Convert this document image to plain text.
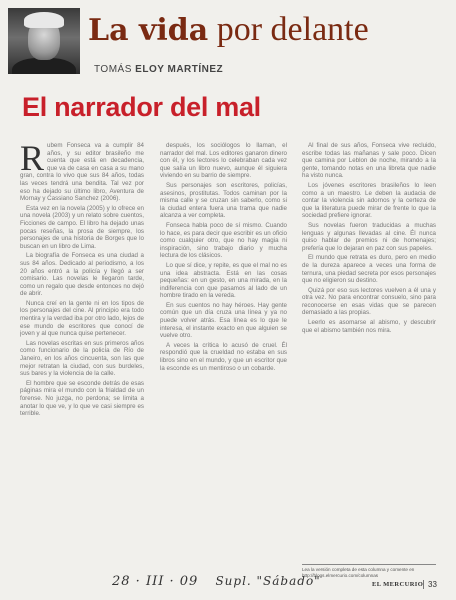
La vida por delante
TOMÁS ELOY MARTÍNEZ
El narrador del mal
R ubem Fonseca va a cumplir 84 años, y su editor brasileño me cuenta que está en decadencia, que va de casa en casa a su mano gran, contra lo vivo que sus 84 años, todas las veces tendrá una bendita. Tal vez por eso ha dejado su último libro, Aventura de Mornay y Cassiano Sanchez (2006).

Esta vez en la novela (2005) y lo ofrece en una novela (2003) y un relato sobre cuentos, Ficciones de campo. El libro ha dejado unas pocas reseñas, la prosa de siempre, los personajes de una historia de Borges que lo buscan en un libro de Lima.

La biografía de Fonseca es una ciudad a sus 84 años. Dedicado al periodismo, a los 20 años entró a la policía y llegó a ser comisario. Las novelas le llegaron tarde, como un regalo que desde entonces no dejó de abrir.

Nunca creí en la gente ni en los tipos de los personajes del cine. Al principio era todo mentira y la verdad iba por otro lado, lejos de ese mundo de escritores que conocí de joven y al que nunca quise pertenecer.

Las novelas escritas en sus primeros años como funcionario de la policía de Río de Janeiro, en los años cincuenta, son las que mejor retratan la ciudad, con sus burdeles, sus bares y la violencia de la calle.

El hombre que se esconde detrás de esas páginas mira el mundo con la frialdad de un forense. No juzga, no perdona; se limita a anotar lo que ve, y lo que ve casi siempre es terrible.

después, los sociólogos lo llaman, el narrador del mal. Los editores ganaron dinero con él, y los lectores lo celebraban cada vez que salía un libro nuevo, aunque él siguiera viviendo en su barrio de siempre.

Sus personajes son escritores, policías, asesinos, prostitutas. Todos caminan por la misma calle y se cruzan sin saberlo, como si la ciudad entera fuera una trama que nadie alcanza a ver completa.

Fonseca habla poco de sí mismo. Cuando lo hace, es para decir que escribir es un oficio como cualquier otro, que no hay magia ni inspiración, sino trabajo diario y mucha lectura de los clásicos.

Lo que sí dice, y repite, es que el mal no es una idea abstracta. Está en las cosas pequeñas: en un gesto, en una mirada, en la indiferencia con que pasamos al lado de un hombre tirado en la vereda.

En sus cuentos no hay héroes. Hay gente común que un día cruza una línea y ya no puede volver atrás. Esa línea es lo que le interesa, el instante exacto en que alguien se vuelve otro.

A veces la crítica lo acusó de cruel. Él respondió que la crueldad no estaba en sus libros sino en el mundo, y que un escritor que la esconde es un mentiroso o un cobarde.

Al final de sus años, Fonseca vive recluido, escribe todas las mañanas y sale poco. Dicen que camina por Leblon de noche, mirando a la gente, tomando notas en una libreta que nadie ha visto nunca.

Los jóvenes escritores brasileños lo leen como a un maestro. Le deben la audacia de contar la violencia sin adornos y la certeza de que la literatura puede mirar de frente lo que la sociedad prefiere ignorar.

Sus novelas fueron traducidas a muchas lenguas y algunas llevadas al cine. Él nunca quiso hablar de premios ni de homenajes; prefería que lo dejaran en paz con sus papeles.

El mundo que retrata es duro, pero en medio de la dureza aparece a veces una forma de ternura, una piedad secreta por esos personajes que no eligieron su destino.

Quizá por eso sus lectores vuelven a él una y otra vez. No para encontrar consuelo, sino para reconocerse en esas vidas que se parecen demasiado a las propias.

Leerlo es asomarse al abismo, y descubrir que el abismo también nos mira.

Lea la versión completa de esta columna y comente en
http://blogs.elmercurio.com/columnas
28 · III · 09 Supl. "Sábado"	EL MERCURIO 33
